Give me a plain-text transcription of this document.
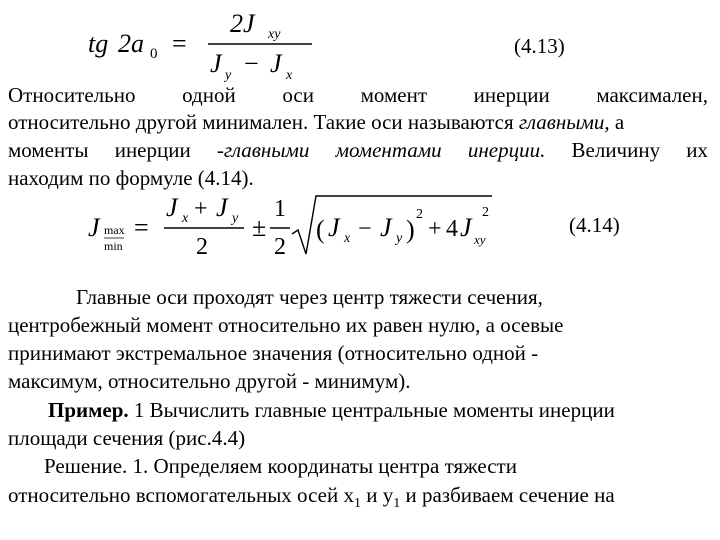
tg 2a 0 =
2J xy
J y − J x
(4.13)
Относительно одной оси момент инерции максимален,
относительно другой минимален. Такие оси называются главными, а
моменты инерции -главными моментами инерции. Величину их
находим по формуле (4.14).
J max
min
=
J x + J y
2
±
1
2
( J x − J y )
2
+ 4 J xy
2
(4.14)
Главные оси проходят через центр тяжести сечения,
центробежный момент относительно их равен нулю, а осевые
принимают экстремальное значения (относительно одной -
максимум, относительно другой - минимум).
Пример. 1 Вычислить главные центральные моменты инерции
площади сечения (рис.4.4)
Решение. 1. Определяем координаты центра тяжести
относительно вспомогательных осей $х_1$ и $у_1$ и разбиваем сечение на
